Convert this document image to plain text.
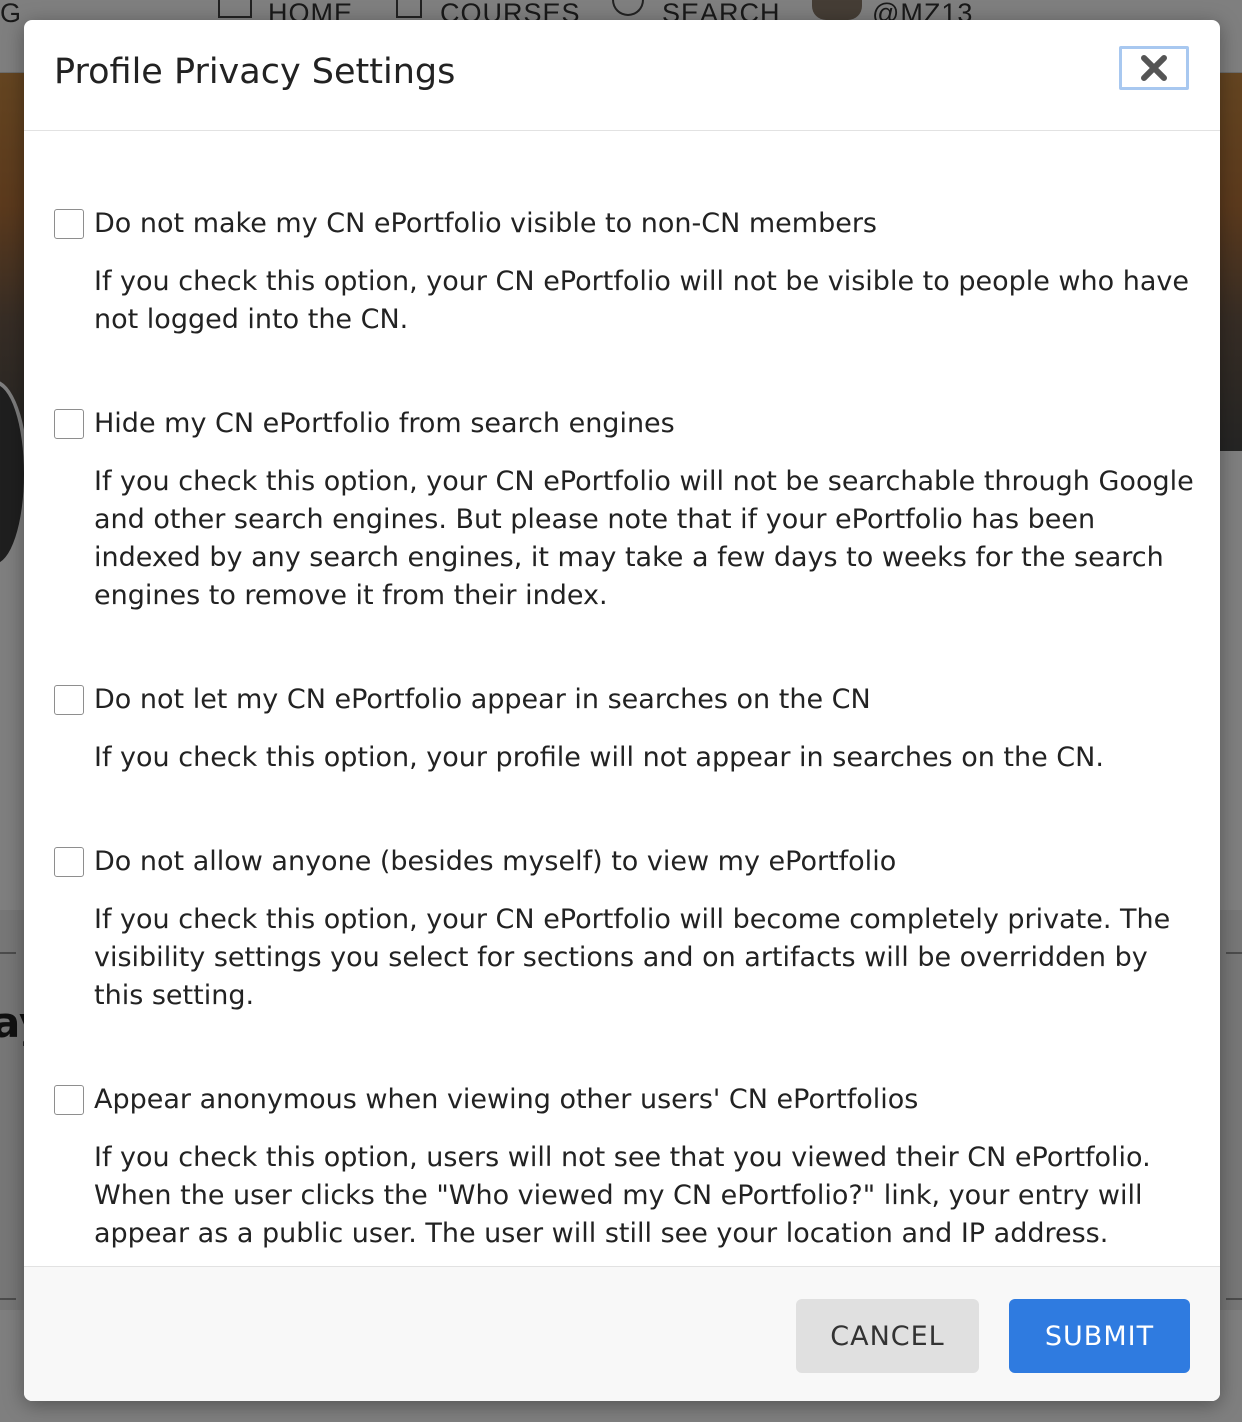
Profile Privacy Settings
Do not make my CN ePortfolio visible to non-CN members

If you check this option, your CN ePortfolio will not be visible to people who have not logged into the CN.

Hide my CN ePortfolio from search engines

If you check this option, your CN ePortfolio will not be searchable through Google and other search engines. But please note that if your ePortfolio has been indexed by any search engines, it may take a few days to weeks for the search engines to remove it from their index.

Do not let my CN ePortfolio appear in searches on the CN

If you check this option, your profile will not appear in searches on the CN.

Do not allow anyone (besides myself) to view my ePortfolio

If you check this option, your CN ePortfolio will become completely private. The visibility settings you select for sections and on artifacts will be overridden by this setting.

Appear anonymous when viewing other users' CN ePortfolios

If you check this option, users will not see that you viewed their CN ePortfolio. When the user clicks the "Who viewed my CN ePortfolio?" link, your entry will appear as a public user. The user will still see your location and IP address.

CANCEL	SUBMIT
